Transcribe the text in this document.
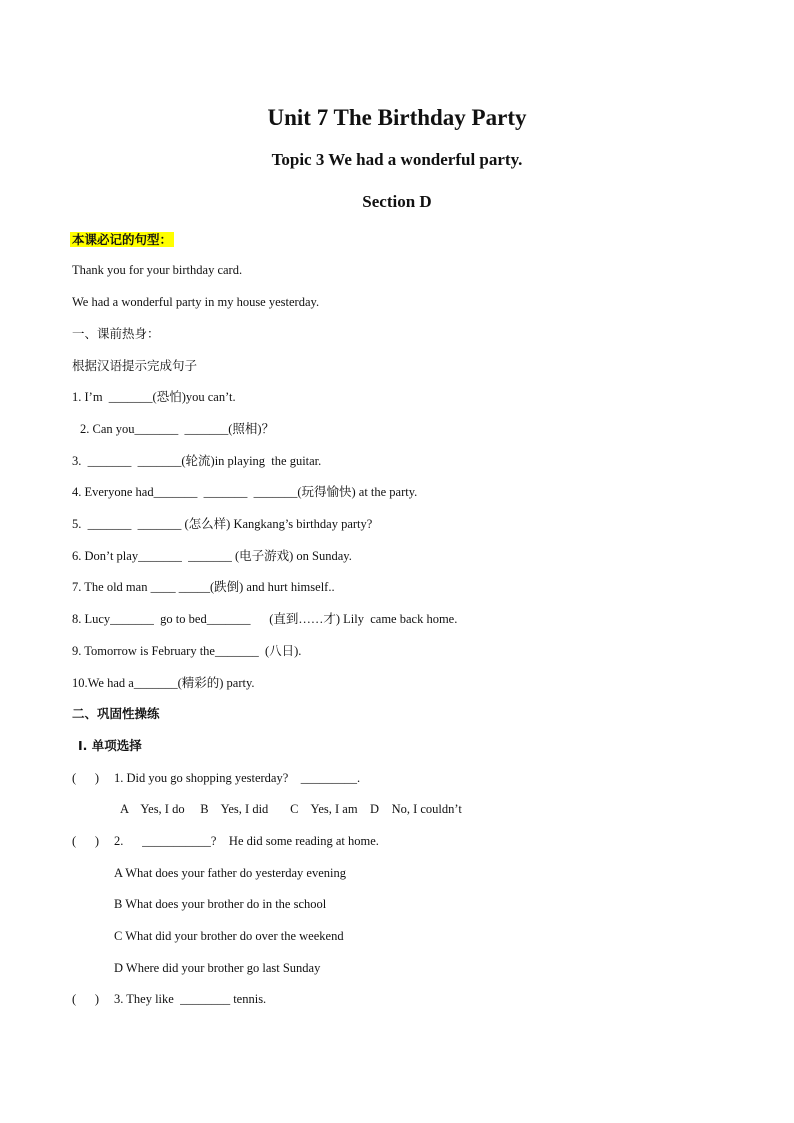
Unit 7 The Birthday Party
Topic 3 We had a wonderful party.
Section D
本课必记的句型：
Thank you for your birthday card.
We had a wonderful party in my house yesterday.
一、课前热身：
根据汉语提示完成句子
1. I’m  _______(恐怕)you can’t.
2. Can you_______  _______(照相)？
3.  _______  _______(轮流)in playing  the guitar.
4. Everyone had_______  _______  _______(玩得愉快) at the party.
5.  _______  _______ (怎么样) Kangkang’s birthday party?
6. Don’t play_______  _______ (电子游戏) on Sunday.
7. The old man ____ _____(跌倒) and hurt himself..
8. Lucy_______  go to bed_______      (直到……才) Lily  came back home.
9. Tomorrow is February the_______  (八日).
10.We had a_______(精彩的) party.
二、巩固性操练
Ⅰ. 单项选择
(      ) 1. Did you go shopping yesterday?    _________.
A    Yes, I do     B    Yes, I did       C    Yes, I am    D    No, I couldn’t
(      ) 2.      ___________?    He did some reading at home.
A What does your father do yesterday evening
B What does your brother do in the school
C What did your brother do over the weekend
D Where did your brother go last Sunday
(      ) 3. They like  ________ tennis.
